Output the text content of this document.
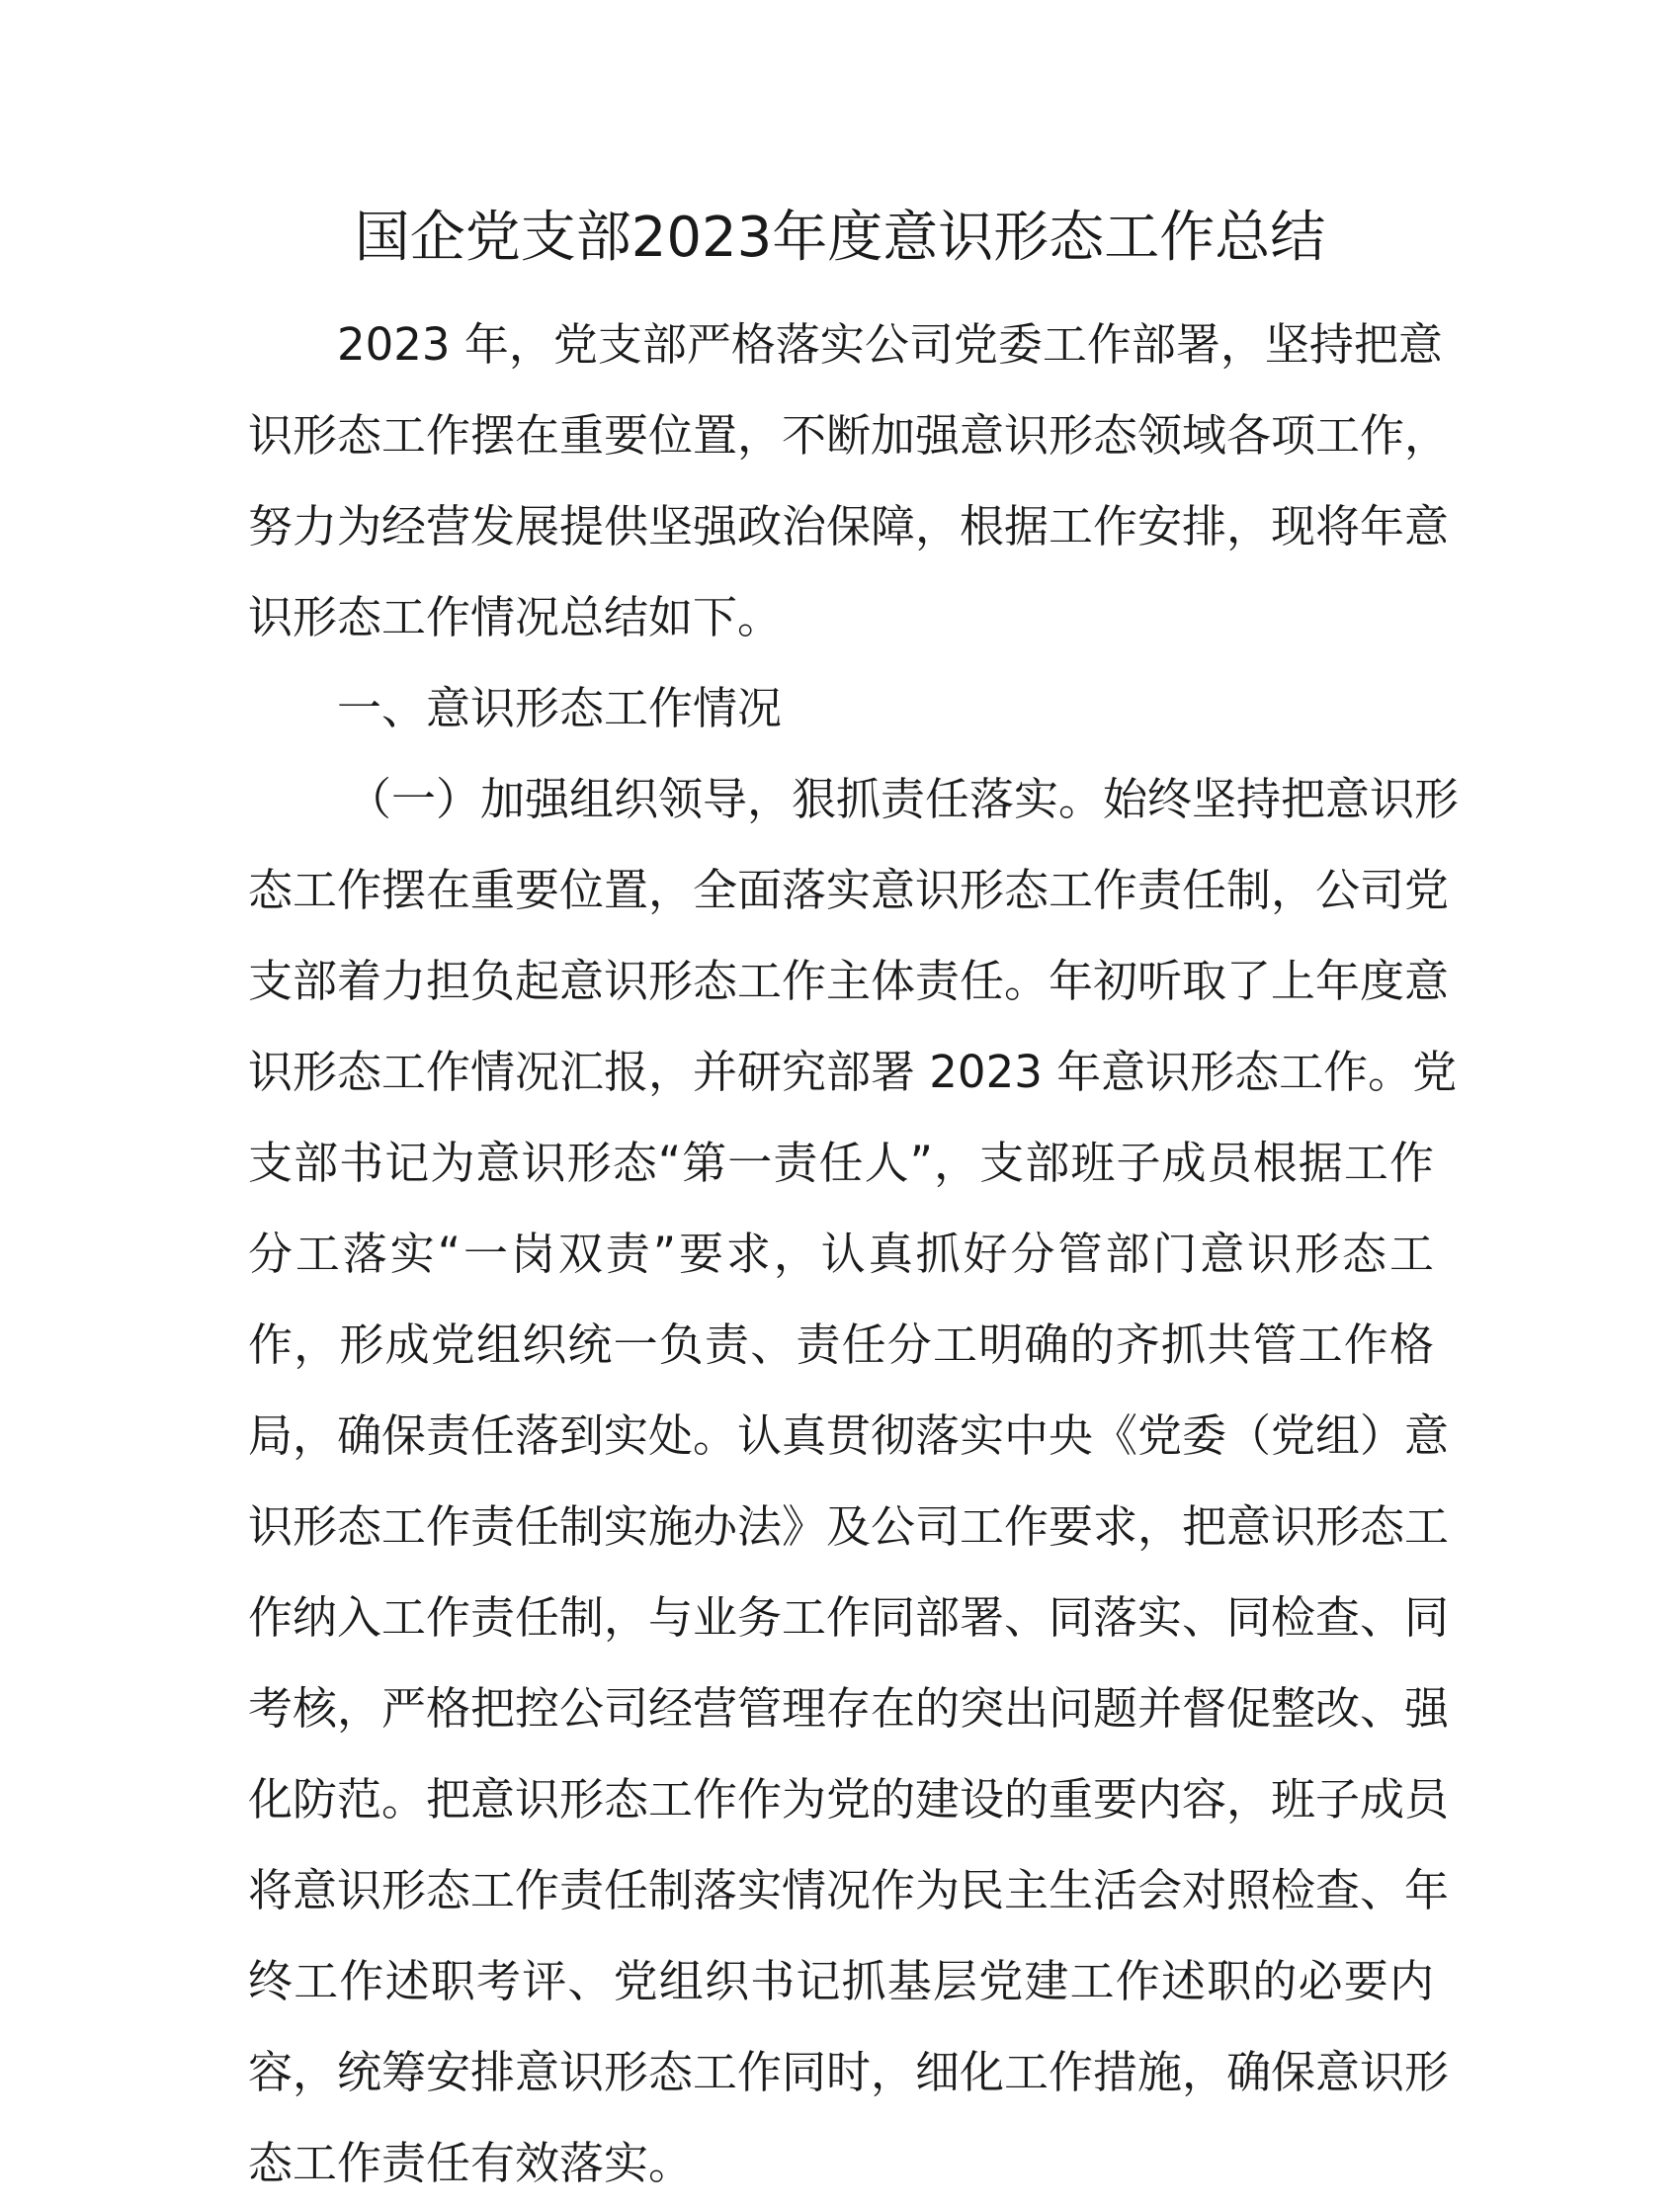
国企党支部2023年度意识形态工作总结
2023 年，党支部严格落实公司党委工作部署，坚持把意
识形态工作摆在重要位置，不断加强意识形态领域各项工作，
努力为经营发展提供坚强政治保障，根据工作安排，现将年意
识形态工作情况总结如下。
一、意识形态工作情况
（一）加强组织领导，狠抓责任落实。始终坚持把意识形
态工作摆在重要位置，全面落实意识形态工作责任制，公司党
支部着力担负起意识形态工作主体责任。年初听取了上年度意
识形态工作情况汇报，并研究部署 2023 年意识形态工作。党
支部书记为意识形态“第一责任人”，支部班子成员根据工作
分工落实“一岗双责”要求，认真抓好分管部门意识形态工
作，形成党组织统一负责、责任分工明确的齐抓共管工作格
局，确保责任落到实处。认真贯彻落实中央《党委（党组）意
识形态工作责任制实施办法》及公司工作要求，把意识形态工
作纳入工作责任制，与业务工作同部署、同落实、同检查、同
考核，严格把控公司经营管理存在的突出问题并督促整改、强
化防范。把意识形态工作作为党的建设的重要内容，班子成员
将意识形态工作责任制落实情况作为民主生活会对照检查、年
终工作述职考评、党组织书记抓基层党建工作述职的必要内
容，统筹安排意识形态工作同时，细化工作措施，确保意识形
态工作责任有效落实。
